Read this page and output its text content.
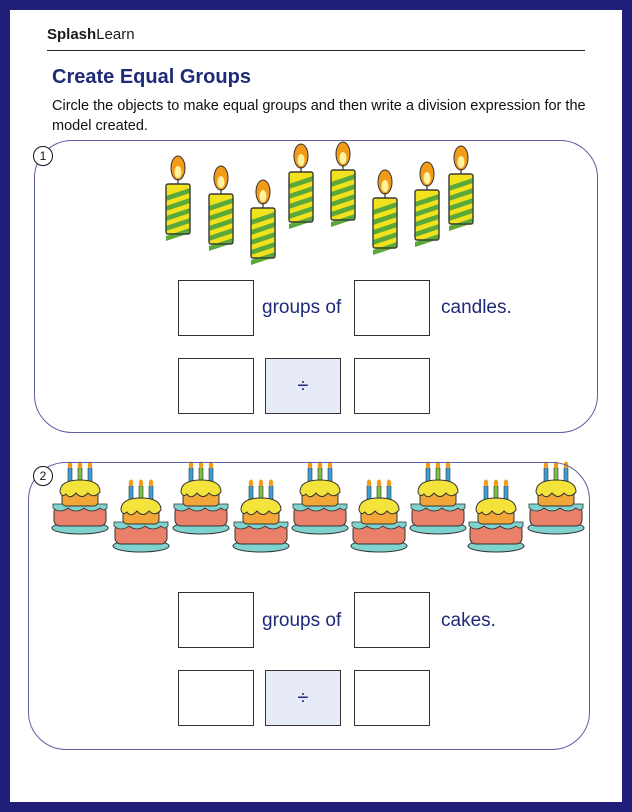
SplashLearn
Create Equal Groups
Circle the objects to make equal groups and then write a division expression for the model created.
1
groups of	candles.
÷
2
groups of	cakes.
÷
